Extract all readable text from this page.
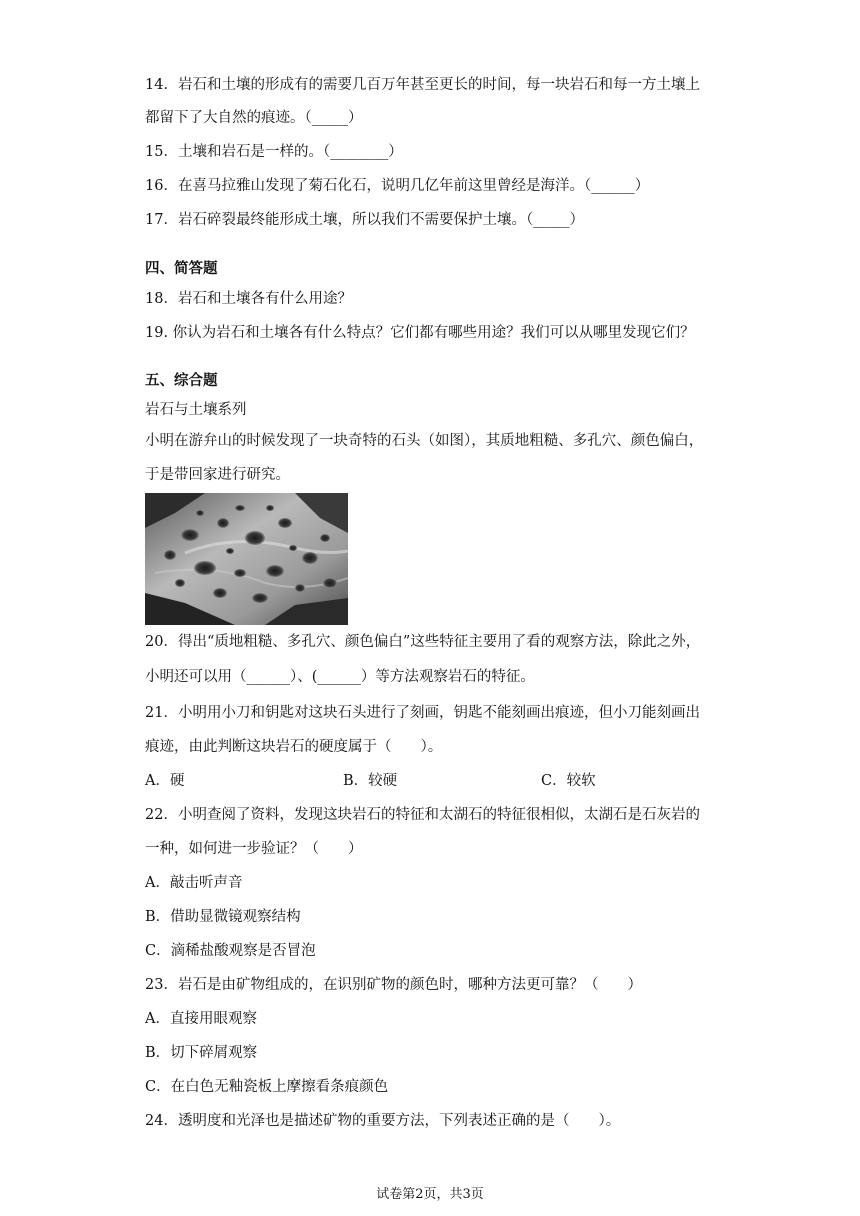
14．岩石和土壤的形成有的需要几百万年甚至更长的时间，每一块岩石和每一方土壤上
都留下了大自然的痕迹。（_____）
15．土壤和岩石是一样的。（________）
16．在喜马拉雅山发现了菊石化石，说明几亿年前这里曾经是海洋。（______）
17．岩石碎裂最终能形成土壤，所以我们不需要保护土壤。（_____）
四、简答题
18．岩石和土壤各有什么用途？
19. 你认为岩石和土壤各有什么特点？它们都有哪些用途？我们可以从哪里发现它们？
五、综合题
岩石与土壤系列
小明在游弁山的时候发现了一块奇特的石头（如图），其质地粗糙、多孔穴、颜色偏白，
于是带回家进行研究。
20．得出“质地粗糙、多孔穴、颜色偏白”这些特征主要用了看的观察方法，除此之外，
小明还可以用（______）、(______）等方法观察岩石的特征。
21．小明用小刀和钥匙对这块石头进行了刻画，钥匙不能刻画出痕迹，但小刀能刻画出
痕迹，由此判断这块岩石的硬度属于（　　）。
A．硬	B．较硬	C．较软
22．小明查阅了资料，发现这块岩石的特征和太湖石的特征很相似，太湖石是石灰岩的
一种，如何进一步验证？（　　）
A．敲击听声音
B．借助显微镜观察结构
C．滴稀盐酸观察是否冒泡
23．岩石是由矿物组成的，在识别矿物的颜色时，哪种方法更可靠？（　　）
A．直接用眼观察
B．切下碎屑观察
C．在白色无釉瓷板上摩擦看条痕颜色
24．透明度和光泽也是描述矿物的重要方法，下列表述正确的是（　　）。
试卷第2页，共3页
